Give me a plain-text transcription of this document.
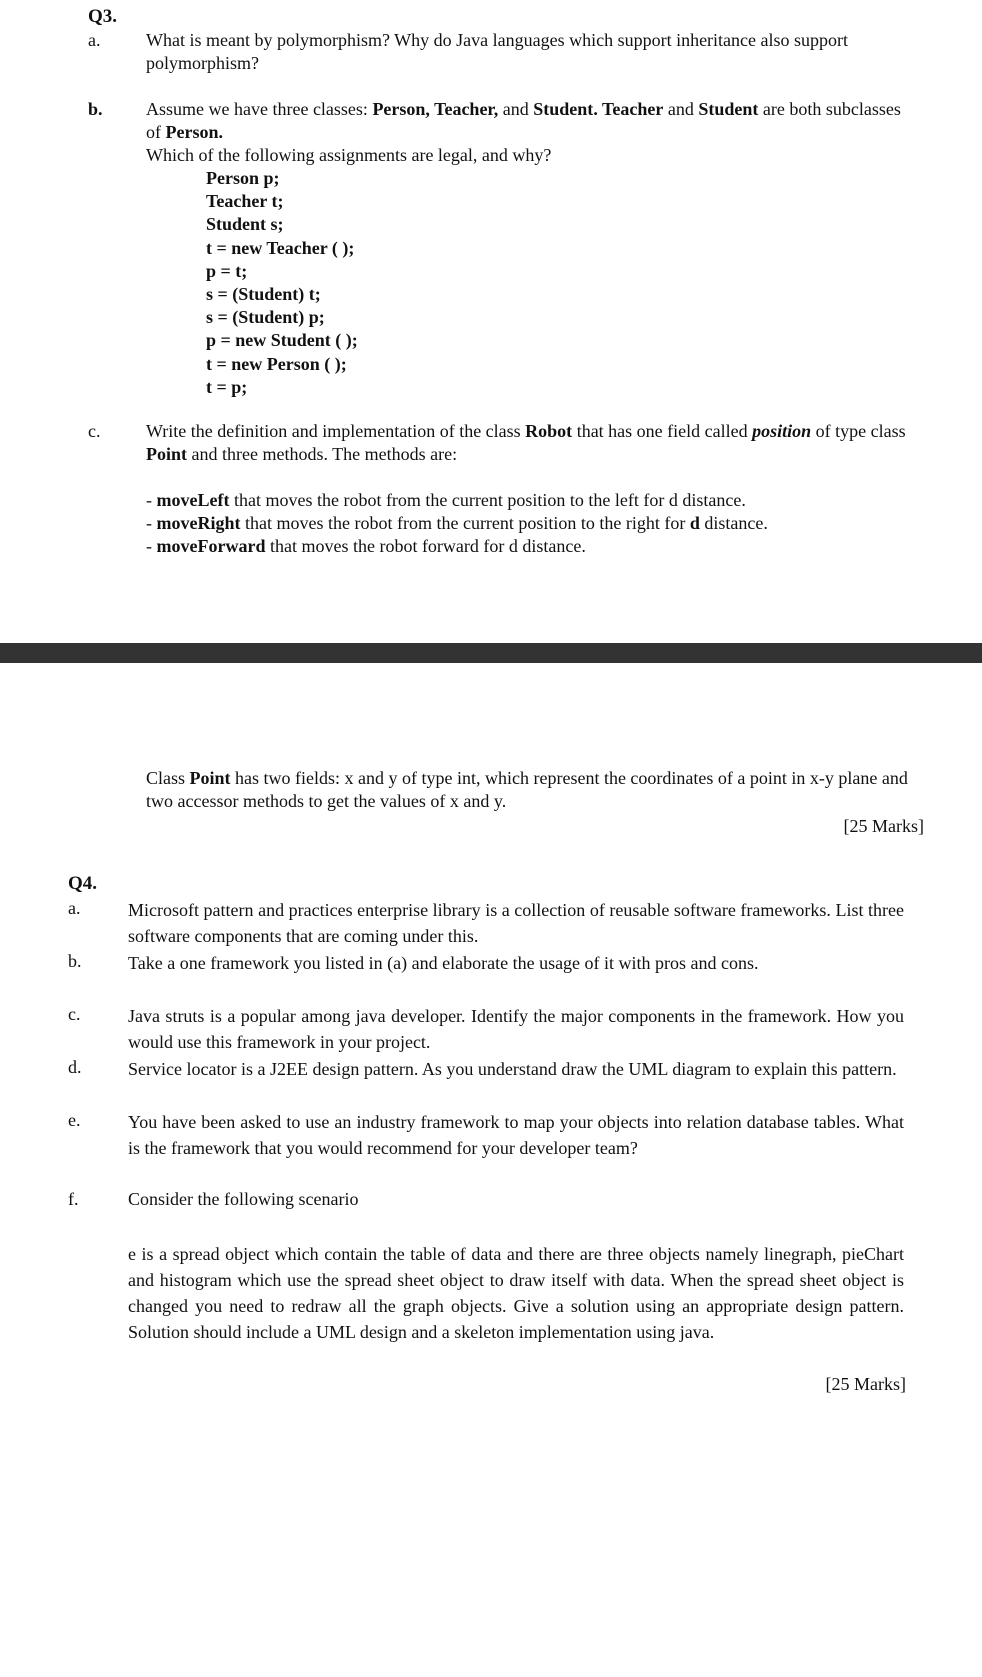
Q3.
a.	What is meant by polymorphism? Why do Java languages which support inheritance also support polymorphism?
b.	Assume we have three classes: Person, Teacher, and Student. Teacher and Student are both subclasses of Person.
Which of the following assignments are legal, and why?
Person p;
Teacher t;
Student s;
t = new Teacher ( );
p = t;
s = (Student) t;
s = (Student) p;
p = new Student ( );
t = new Person ( );
t = p;
c.	Write the definition and implementation of the class Robot that has one field called position of type class Point and three methods. The methods are:
- moveLeft that moves the robot from the current position to the left for d distance.
- moveRight that moves the robot from the current position to the right for d distance.
- moveForward that moves the robot forward for d distance.
Class Point has two fields: x and y of type int, which represent the coordinates of a point in x-y plane and two accessor methods to get the values of x and y.
[25 Marks]
Q4.
a.	Microsoft pattern and practices enterprise library is a collection of reusable software frameworks. List three software components that are coming under this.
b.	Take a one framework you listed in (a) and elaborate the usage of it with pros and cons.
c.	Java struts is a popular among java developer. Identify the major components in the framework. How you would use this framework in your project.
d.	Service locator is a J2EE design pattern. As you understand draw the UML diagram to explain this pattern.
e.	You have been asked to use an industry framework to map your objects into relation database tables. What is the framework that you would recommend for your developer team?
f.	Consider the following scenario
e is a spread object which contain the table of data and there are three objects namely linegraph, pieChart and histogram which use the spread sheet object to draw itself with data. When the spread sheet object is changed you need to redraw all the graph objects. Give a solution using an appropriate design pattern. Solution should include a UML design and a skeleton implementation using java.
[25 Marks]
